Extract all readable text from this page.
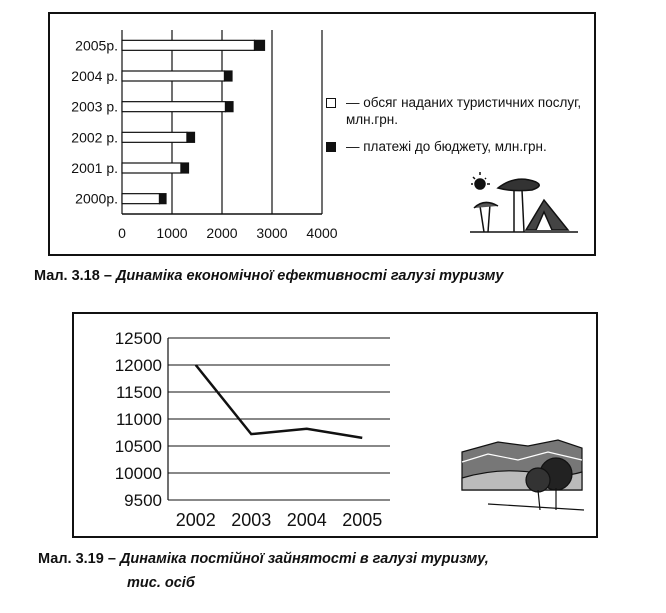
0 1000 2000 3000 4000
2005р.
2004 р.
2003 р.
2002 р.
2001 р.
2000р.
— обсяг наданих туристичних послуг, млн.грн.
— платежі до бюджету, млн.грн.
Мал. 3.18 – Динаміка економічної ефективності галузі туризму
9500
10000
10500
11000
11500
12000
12500
2002 2003 2004 2005
Мал. 3.19 – Динаміка постійної зайнятості в галузі туризму,
тис. осіб
